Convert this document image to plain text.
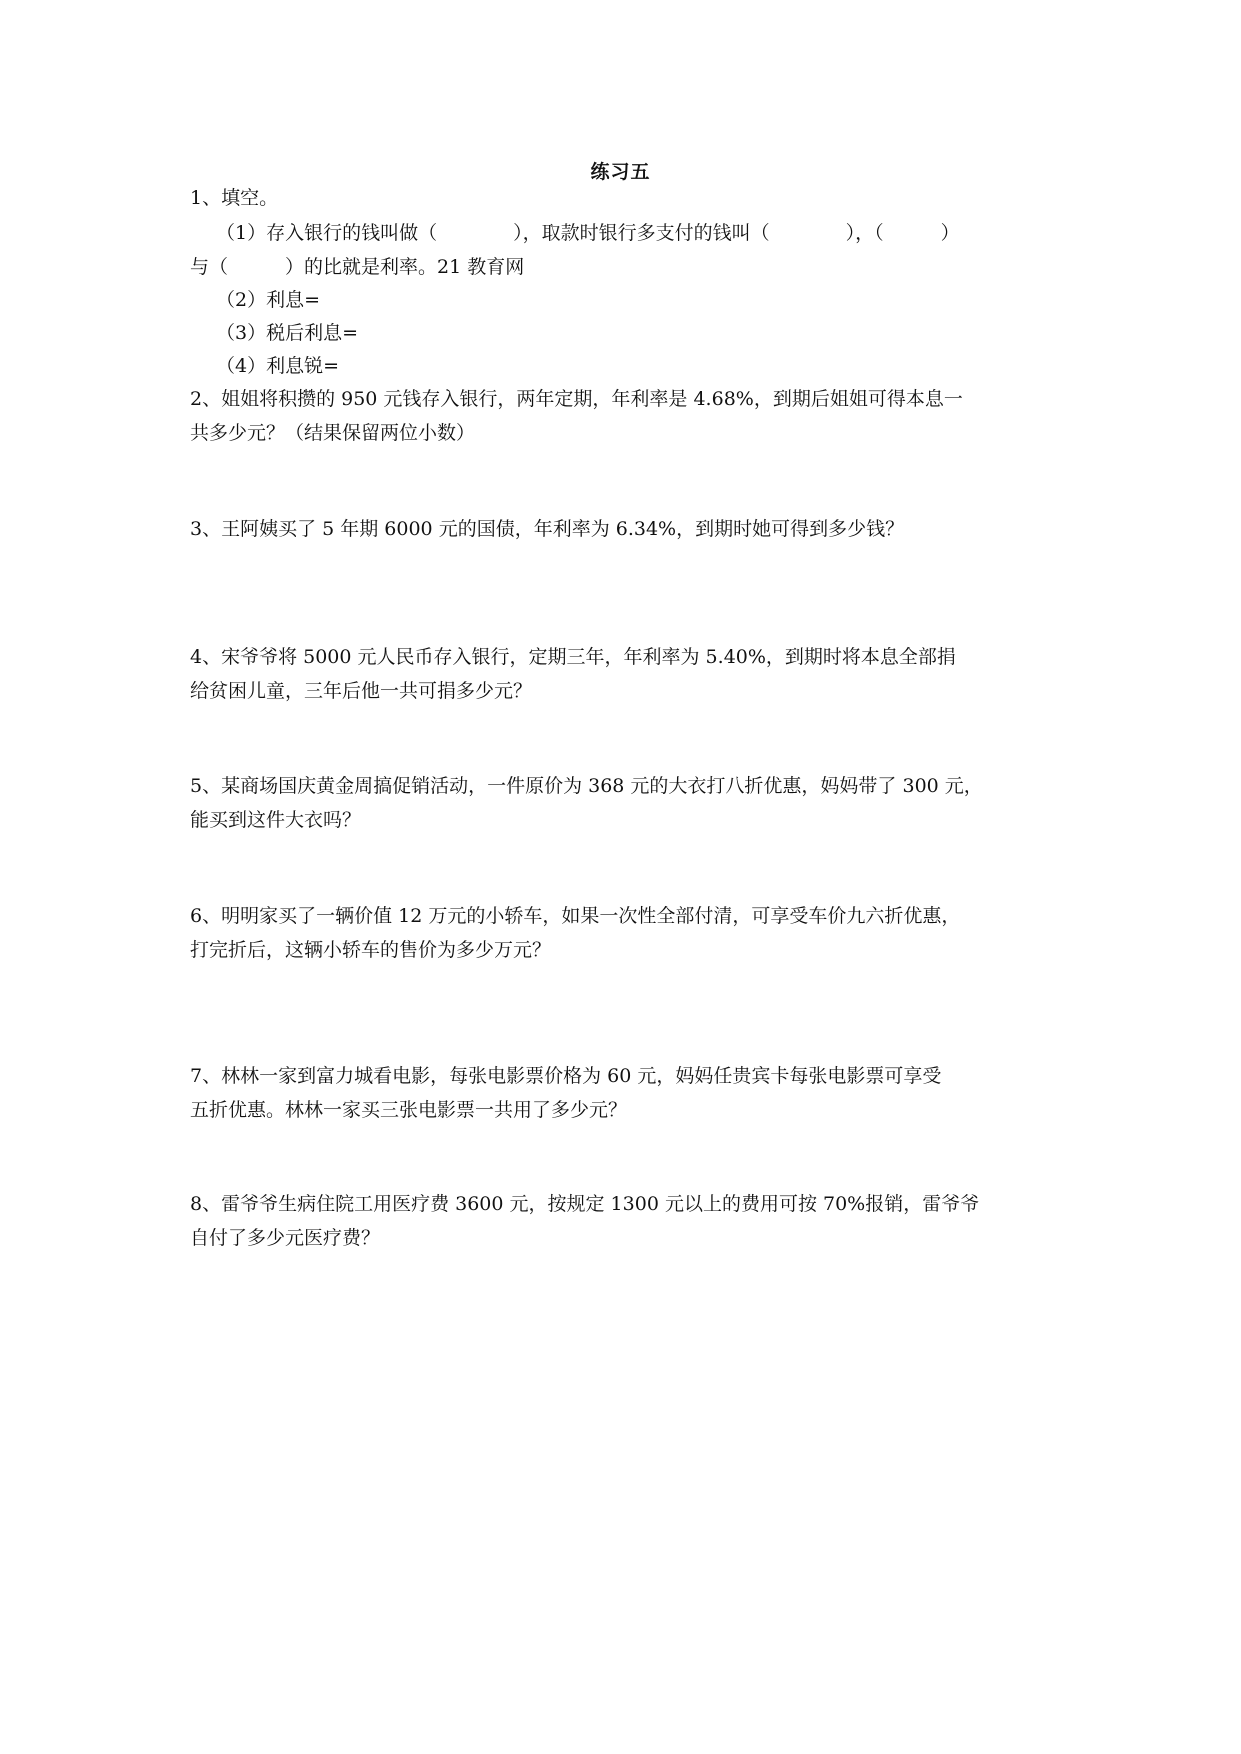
练习五
1、填空。
（1）存入银行的钱叫做（　　　　），取款时银行多支付的钱叫（　　　　），（　　　）
与（　　　）的比就是利率。21 教育网
（2）利息=
（3）税后利息=
（4）利息锐=
2、姐姐将积攒的 950 元钱存入银行，两年定期，年利率是 4.68%，到期后姐姐可得本息一
共多少元？（结果保留两位小数）
3、王阿姨买了 5 年期 6000 元的国债，年利率为 6.34%，到期时她可得到多少钱？
4、宋爷爷将 5000 元人民币存入银行，定期三年，年利率为 5.40%，到期时将本息全部捐
给贫困儿童，三年后他一共可捐多少元？
5、某商场国庆黄金周搞促销活动，一件原价为 368 元的大衣打八折优惠，妈妈带了 300 元，
能买到这件大衣吗？
6、明明家买了一辆价值 12 万元的小轿车，如果一次性全部付清，可享受车价九六折优惠，
打完折后，这辆小轿车的售价为多少万元？
7、林林一家到富力城看电影，每张电影票价格为 60 元，妈妈任贵宾卡每张电影票可享受
五折优惠。林林一家买三张电影票一共用了多少元？
8、雷爷爷生病住院工用医疗费 3600 元，按规定 1300 元以上的费用可按 70%报销，雷爷爷
自付了多少元医疗费？
